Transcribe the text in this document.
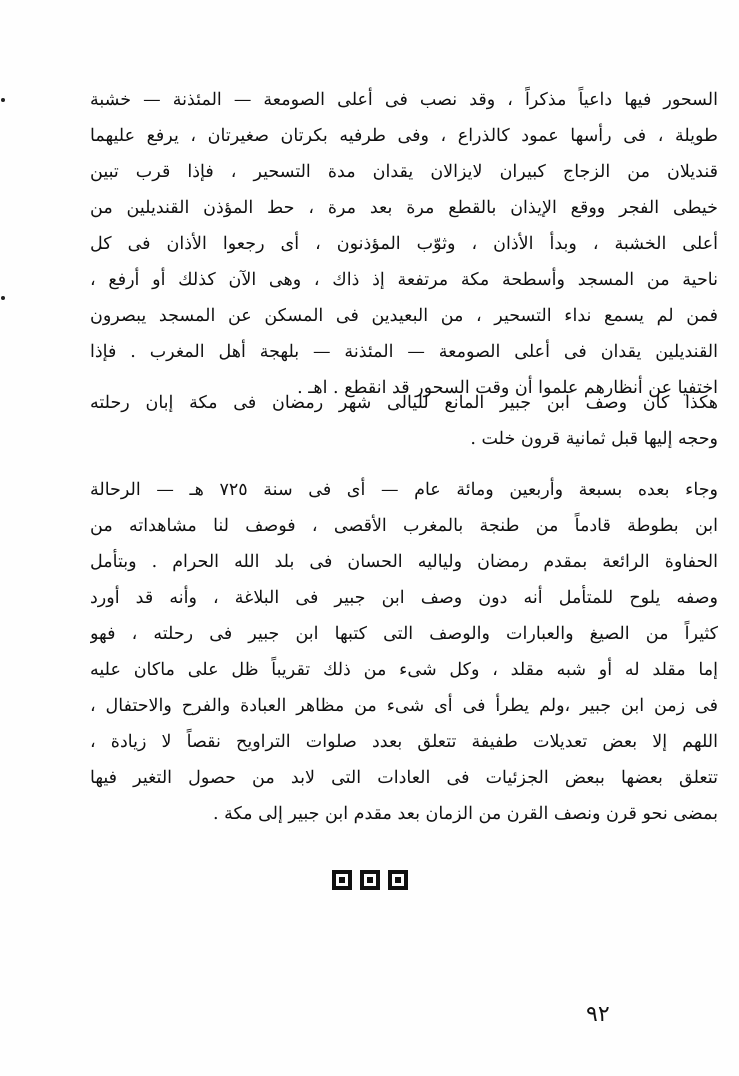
السحور فيها داعياً مذكراً ، وقد نصب فى أعلى الصومعة — المئذنة — خشبة
طويلة ، فى رأسها عمود كالذراع ، وفى طرفيه بكرتان صغيرتان ، يرفع عليهما
قنديلان من الزجاج كبيران لايزالان يقدان مدة التسحير ، فإذا قرب تبين
خيطى الفجر ووقع الإيذان بالقطع مرة بعد مرة ، حط المؤذن القنديلين من
أعلى الخشبة ، وبدأ الأذان ، وثوّب المؤذنون ، أى رجعوا الأذان فى كل
ناحية من المسجد وأسطحة مكة مرتفعة إذ ذاك ، وهى الآن كذلك أو أرفع ،
فمن لم يسمع نداء التسحير ، من البعيدين فى المسكن عن المسجد يبصرون
القنديلين يقدان فى أعلى الصومعة — المئذنة — بلهجة أهل المغرب . فإذا
اختفيا عن أنظارهم علموا أن وقت السحور قد انقطع . اهـ .
هكذا كان وصف ابن جبير المانع لليالى شهر رمضان فى مكة إبان رحلته
وحجه إليها قبل ثمانية قرون خلت .
وجاء بعده بسبعة وأربعين ومائة عام — أى فى سنة ٧٢٥ هـ — الرحالة
ابن بطوطة قادماً من طنجة بالمغرب الأقصى ، فوصف لنا مشاهداته من
الحفاوة الرائعة بمقدم رمضان ولياليه الحسان فى بلد الله الحرام . وبتأمل
وصفه يلوح للمتأمل أنه دون وصف ابن جبير فى البلاغة ، وأنه قد أورد
كثيراً من الصيغ والعبارات والوصف التى كتبها ابن جبير فى رحلته ، فهو
إما مقلد له أو شبه مقلد ، وكل شىء من ذلك تقريباً ظل على ماكان عليه
فى زمن ابن جبير ،ولم يطرأ فى أى شىء من مظاهر العبادة والفرح والاحتفال ،
اللهم إلا بعض تعديلات طفيفة تتعلق بعدد صلوات التراويح نقصاً لا زيادة ،
تتعلق بعضها ببعض الجزئيات فى العادات التى لابد من حصول التغير فيها
بمضى نحو قرن ونصف القرن من الزمان بعد مقدم ابن جبير إلى مكة .
٩٢
